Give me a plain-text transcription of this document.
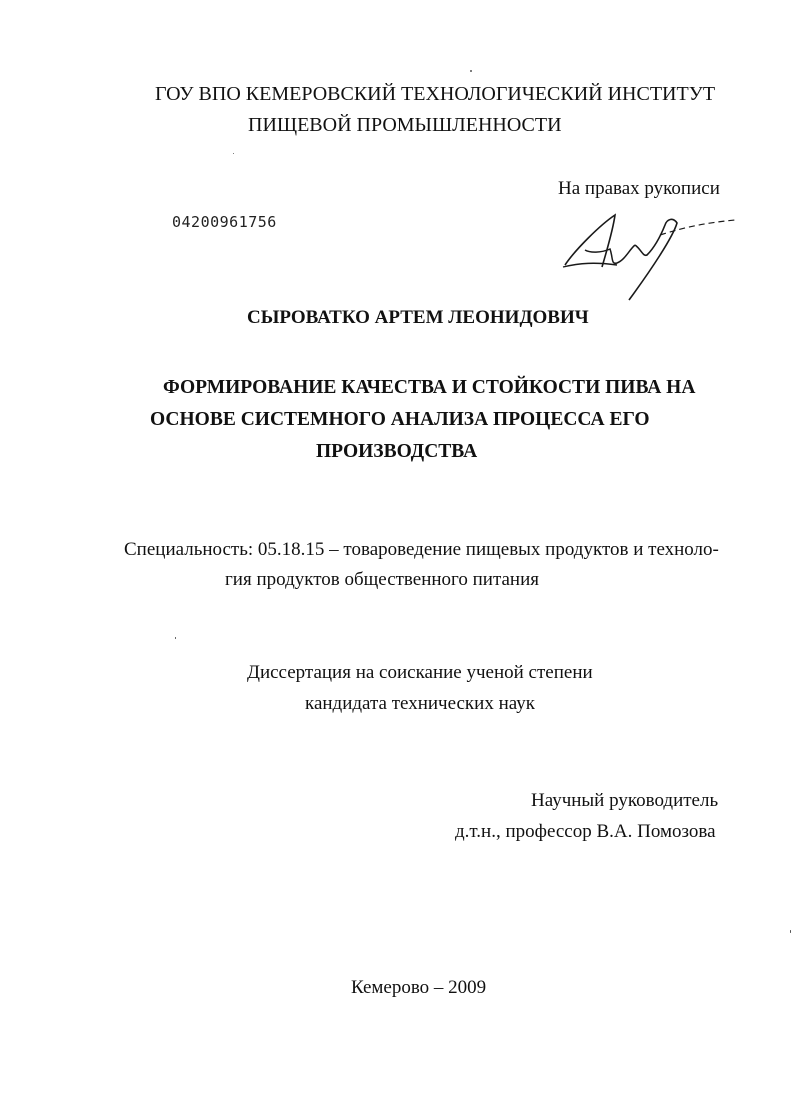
ГОУ ВПО КЕМЕРОВСКИЙ ТЕХНОЛОГИЧЕСКИЙ ИНСТИТУТ
ПИЩЕВОЙ ПРОМЫШЛЕННОСТИ
На правах рукописи
04200961756
СЫРОВАТКО АРТЕМ ЛЕОНИДОВИЧ
ФОРМИРОВАНИЕ КАЧЕСТВА И СТОЙКОСТИ ПИВА НА
ОСНОВЕ СИСТЕМНОГО АНАЛИЗА ПРОЦЕССА ЕГО
ПРОИЗВОДСТВА
Специальность: 05.18.15 – товароведение пищевых продуктов и техноло-
гия продуктов общественного питания
Диссертация на соискание ученой степени
кандидата технических наук
Научный руководитель
д.т.н., профессор В.А. Помозова
Кемерово – 2009
